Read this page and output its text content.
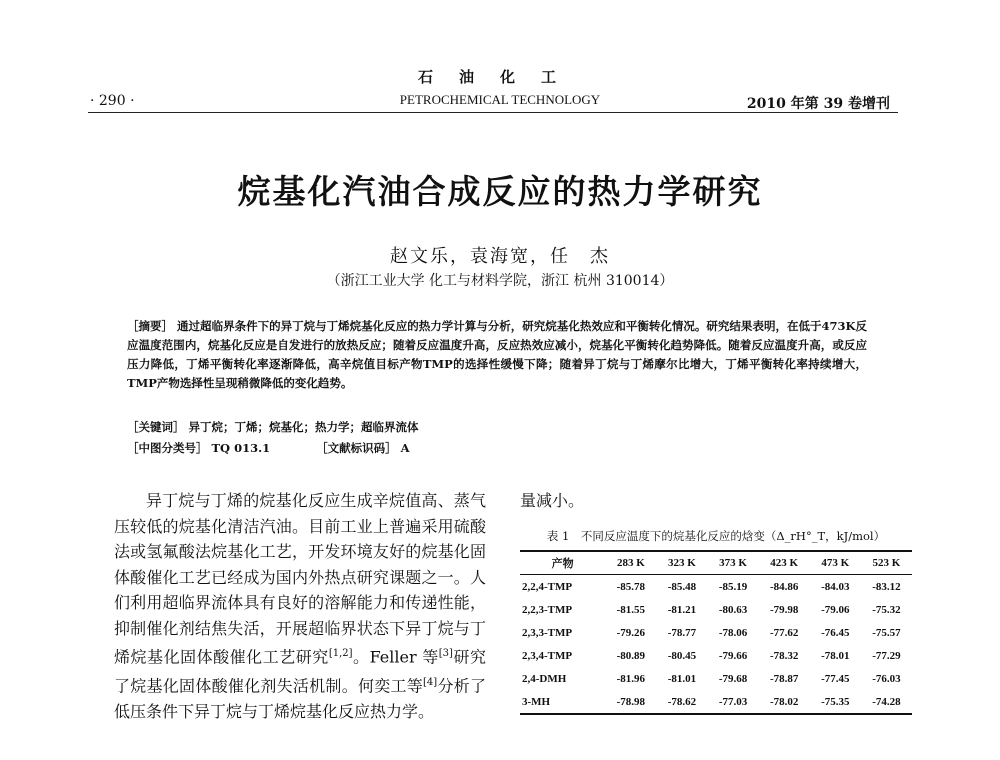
石油化工
· 290 ·	PETROCHEMICAL TECHNOLOGY	2010 年第 39 卷增刊
烷基化汽油合成反应的热力学研究
赵文乐，袁海宽，任　杰
（浙江工业大学 化工与材料学院，浙江 杭州 310014）
［摘要］ 通过超临界条件下的异丁烷与丁烯烷基化反应的热力学计算与分析，研究烷基化热效应和平衡转化情况。研究结果表明，在低于473K反应温度范围内，烷基化反应是自发进行的放热反应；随着反应温度升高，反应热效应减小，烷基化平衡转化趋势降低。随着反应温度升高，或反应压力降低，丁烯平衡转化率逐渐降低，高辛烷值目标产物TMP的选择性缓慢下降；随着异丁烷与丁烯摩尔比增大，丁烯平衡转化率持续增大，TMP产物选择性呈现稍微降低的变化趋势。
［关键词］ 异丁烷；丁烯；烷基化；热力学；超临界流体
［中图分类号］ TQ 013.1	［文献标识码］ A

异丁烷与丁烯的烷基化反应生成辛烷值高、蒸气压较低的烷基化清洁汽油。目前工业上普遍采用硫酸法或氢氟酸法烷基化工艺，开发环境友好的烷基化固体酸催化工艺已经成为国内外热点研究课题之一。人们利用超临界流体具有良好的溶解能力和传递性能，抑制催化剂结焦失活，开展超临界状态下异丁烷与丁烯烷基化固体酸催化工艺研究[1,2]。Feller 等[3]研究了烷基化固体酸催化剂失活机制。何奕工等[4]分析了低压条件下异丁烷与丁烯烷基化反应热力学。

量减小。
表 1　不同反应温度下的烷基化反应的焓变（Δ_rH°_T，kJ/mol）
产物	283 K	323 K	373 K	423 K	473 K	523 K
2,2,4-TMP	-85.78	-85.48	-85.19	-84.86	-84.03	-83.12
2,2,3-TMP	-81.55	-81.21	-80.63	-79.98	-79.06	-75.32
2,3,3-TMP	-79.26	-78.77	-78.06	-77.62	-76.45	-75.57
2,3,4-TMP	-80.89	-80.45	-79.66	-78.32	-78.01	-77.29
2,4-DMH	-81.96	-81.01	-79.68	-78.87	-77.45	-76.03
3-MH	-78.98	-78.62	-77.03	-78.02	-75.35	-74.28
